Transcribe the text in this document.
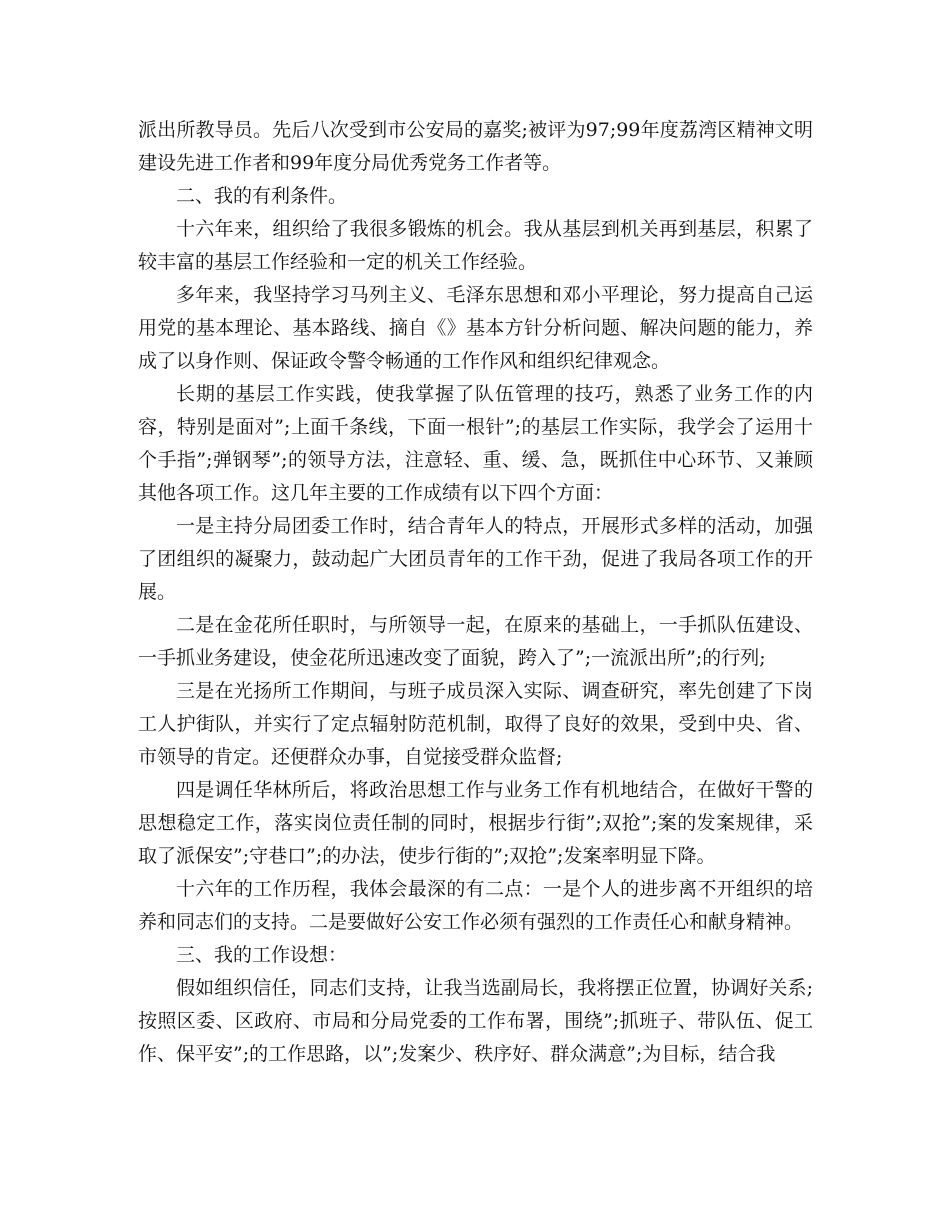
派出所教导员。先后八次受到市公安局的嘉奖;被评为97;99年度荔湾区精神文明建设先进工作者和99年度分局优秀党务工作者等。

二、我的有利条件。

十六年来，组织给了我很多锻炼的机会。我从基层到机关再到基层，积累了较丰富的基层工作经验和一定的机关工作经验。

多年来，我坚持学习马列主义、毛泽东思想和邓小平理论，努力提高自己运用党的基本理论、基本路线、摘自《》基本方针分析问题、解决问题的能力，养成了以身作则、保证政令警令畅通的工作作风和组织纪律观念。

长期的基层工作实践，使我掌握了队伍管理的技巧，熟悉了业务工作的内容，特别是面对”;上面千条线，下面一根针”;的基层工作实际，我学会了运用十个手指”;弹钢琴”;的领导方法，注意轻、重、缓、急，既抓住中心环节、又兼顾其他各项工作。这几年主要的工作成绩有以下四个方面：

一是主持分局团委工作时，结合青年人的特点，开展形式多样的活动，加强了团组织的凝聚力，鼓动起广大团员青年的工作干劲，促进了我局各项工作的开展。

二是在金花所任职时，与所领导一起，在原来的基础上，一手抓队伍建设、一手抓业务建设，使金花所迅速改变了面貌，跨入了”;一流派出所”;的行列;

三是在光扬所工作期间，与班子成员深入实际、调查研究，率先创建了下岗工人护街队，并实行了定点辐射防范机制，取得了良好的效果，受到中央、省、市领导的肯定。还便群众办事，自觉接受群众监督;

四是调任华林所后，将政治思想工作与业务工作有机地结合，在做好干警的思想稳定工作，落实岗位责任制的同时，根据步行街”;双抢”;案的发案规律，采取了派保安”;守巷口”;的办法，使步行街的”;双抢”;发案率明显下降。

十六年的工作历程，我体会最深的有二点：一是个人的进步离不开组织的培养和同志们的支持。二是要做好公安工作必须有强烈的工作责任心和献身精神。

三、我的工作设想：

假如组织信任，同志们支持，让我当选副局长，我将摆正位置，协调好关系;按照区委、区政府、市局和分局党委的工作布署，围绕”;抓班子、带队伍、促工作、保平安”;的工作思路，以”;发案少、秩序好、群众满意”;为目标，结合我
